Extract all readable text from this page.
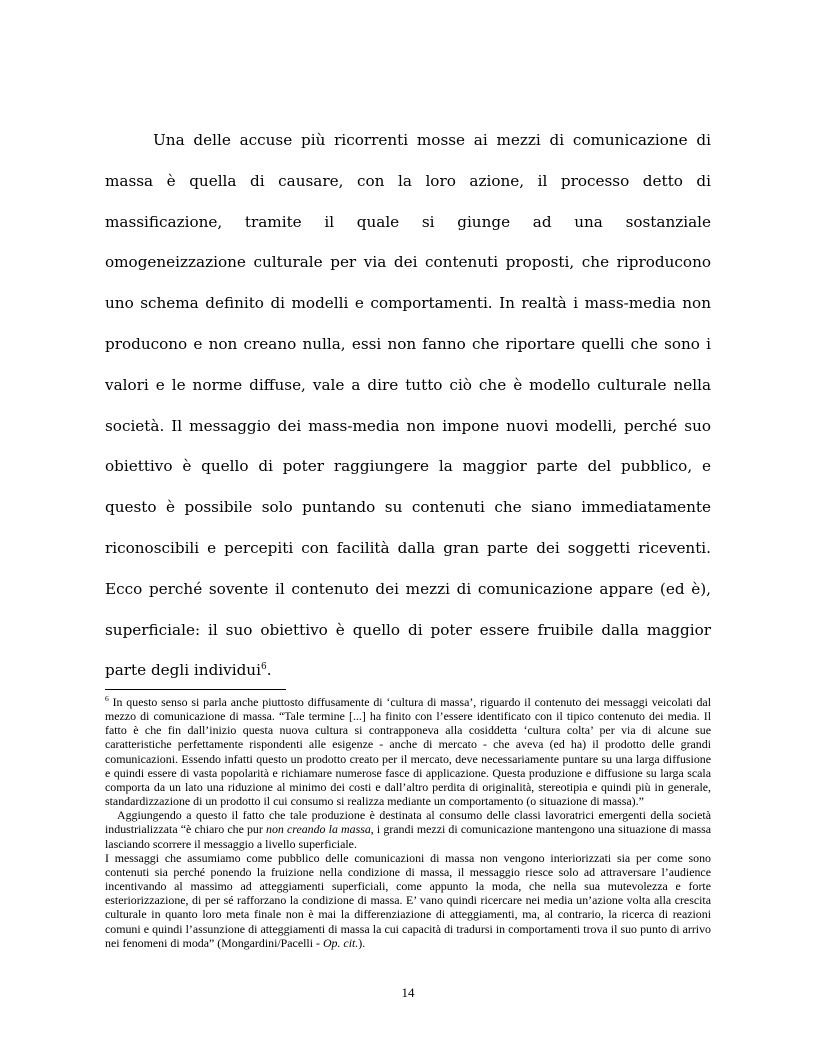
Una delle accuse più ricorrenti mosse ai mezzi di comunicazione di massa è quella di causare, con la loro azione, il processo detto di massificazione, tramite il quale si giunge ad una sostanziale omogeneizzazione culturale per via dei contenuti proposti, che riproducono uno schema definito di modelli e comportamenti. In realtà i mass-media non producono e non creano nulla, essi non fanno che riportare quelli che sono i valori e le norme diffuse, vale a dire tutto ciò che è modello culturale nella società. Il messaggio dei mass-media non impone nuovi modelli, perché suo obiettivo è quello di poter raggiungere la maggior parte del pubblico, e questo è possibile solo puntando su contenuti che siano immediatamente riconoscibili e percepiti con facilità dalla gran parte dei soggetti riceventi. Ecco perché sovente il contenuto dei mezzi di comunicazione appare (ed è), superficiale: il suo obiettivo è quello di poter essere fruibile dalla maggior parte degli individui$^6$.

$^6$ In questo senso si parla anche piuttosto diffusamente di ‘cultura di massa’, riguardo il contenuto dei messaggi veicolati dal mezzo di comunicazione di massa. “Tale termine [...] ha finito con l’essere identificato con il tipico contenuto dei media. Il fatto è che fin dall’inizio questa nuova cultura si contrapponeva alla cosiddetta ‘cultura colta’ per via di alcune sue caratteristiche perfettamente rispondenti alle esigenze - anche di mercato - che aveva (ed ha) il prodotto delle grandi comunicazioni. Essendo infatti questo un prodotto creato per il mercato, deve necessariamente puntare su una larga diffusione e quindi essere di vasta popolarità e richiamare numerose fasce di applicazione. Questa produzione e diffusione su larga scala comporta da un lato una riduzione al minimo dei costi e dall’altro perdita di originalità, stereotipia e quindi più in generale, standardizzazione di un prodotto il cui consumo si realizza mediante un comportamento (o situazione di massa).”

Aggiungendo a questo il fatto che tale produzione è destinata al consumo delle classi lavoratrici emergenti della società industrializzata “è chiaro che pur non creando la massa, i grandi mezzi di comunicazione mantengono una situazione di massa lasciando scorrere il messaggio a livello superficiale.

I messaggi che assumiamo come pubblico delle comunicazioni di massa non vengono interiorizzati sia per come sono contenuti sia perché ponendo la fruizione nella condizione di massa, il messaggio riesce solo ad attraversare l’audience incentivando al massimo ad atteggiamenti superficiali, come appunto la moda, che nella sua mutevolezza e forte esteriorizzazione, di per sé rafforzano la condizione di massa. E’ vano quindi ricercare nei media un’azione volta alla crescita culturale in quanto loro meta finale non è mai la differenziazione di atteggiamenti, ma, al contrario, la ricerca di reazioni comuni e quindi l’assunzione di atteggiamenti di massa la cui capacità di tradursi in comportamenti trova il suo punto di arrivo nei fenomeni di moda” (Mongardini/Pacelli - Op. cit.).

14
